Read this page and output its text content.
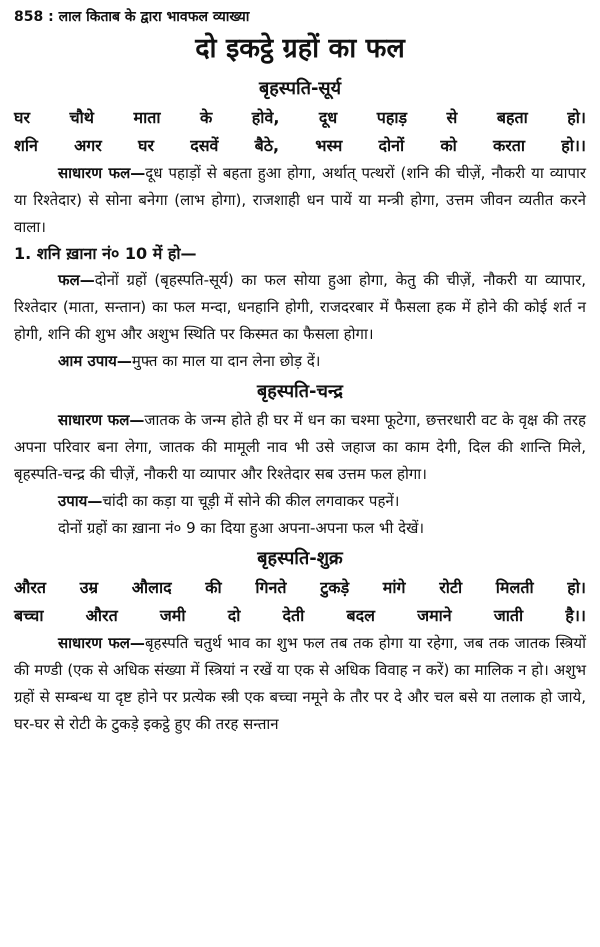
858 : लाल किताब के द्वारा भावफल व्याख्या
दो इकट्ठे ग्रहों का फल
बृहस्पति-सूर्य
घर चौथे माता के होवे, दूध पहाड़ से बहता हो।
शनि अगर घर दसवें बैठे, भस्म दोनों को करता हो।।
साधारण फल—दूध पहाड़ों से बहता हुआ होगा, अर्थात् पत्थरों (शनि की चीज़ें, नौकरी या व्यापार या रिश्तेदार) से सोना बनेगा (लाभ होगा), राजशाही धन पायें या मन्त्री होगा, उत्तम जीवन व्यतीत करने वाला।
1. शनि ख़ाना नं० 10 में हो—
फल—दोनों ग्रहों (बृहस्पति-सूर्य) का फल सोया हुआ होगा, केतु की चीज़ें, नौकरी या व्यापार, रिश्तेदार (माता, सन्तान) का फल मन्दा, धनहानि होगी, राजदरबार में फैसला हक में होने की कोई शर्त न होगी, शनि की शुभ और अशुभ स्थिति पर किस्मत का फैसला होगा।
आम उपाय—मुफ्त का माल या दान लेना छोड़ दें।
बृहस्पति-चन्द्र
साधारण फल—जातक के जन्म होते ही घर में धन का चश्मा फूटेगा, छत्तरधारी वट के वृक्ष की तरह अपना परिवार बना लेगा, जातक की मामूली नाव भी उसे जहाज का काम देगी, दिल की शान्ति मिले, बृहस्पति-चन्द्र की चीज़ें, नौकरी या व्यापार और रिश्तेदार सब उत्तम फल होगा।
उपाय—चांदी का कड़ा या चूड़ी में सोने की कील लगवाकर पहनें।
दोनों ग्रहों का ख़ाना नं० 9 का दिया हुआ अपना-अपना फल भी देखें।
बृहस्पति-शुक्र
औरत उम्र औलाद की गिनते टुकड़े मांगे रोटी मिलती हो।
बच्चा औरत जमी दो देती बदल जमाने जाती है।।
साधारण फल—बृहस्पति चतुर्थ भाव का शुभ फल तब तक होगा या रहेगा, जब तक जातक स्त्रियों की मण्डी (एक से अधिक संख्या में स्त्रियां न रखें या एक से अधिक विवाह न करें) का मालिक न हो। अशुभ ग्रहों से सम्बन्ध या दृष्ट होने पर प्रत्येक स्त्री एक बच्चा नमूने के तौर पर दे और चल बसे या तलाक हो जाये, घर-घर से रोटी के टुकड़े इकट्ठे हुए की तरह सन्तान
